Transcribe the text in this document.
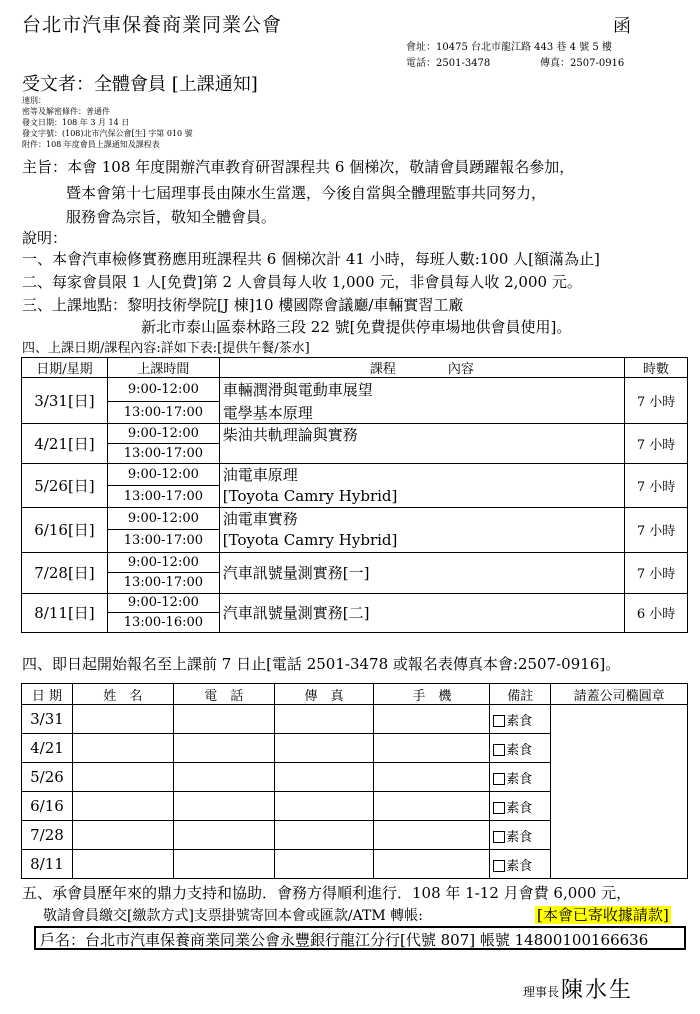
台北市汽車保養商業同業公會	函
會址：10475 台北市龍江路 443 巷 4 號 5 樓
電話：2501-3478	傳真：2507-0916
受文者：全體會員 [上課通知]
速別：
密等及解密條件：普通件
發文日期：108 年 3 月 14 日
發文字號：(108)北市汽保公會[生] 字第 010 號
附件：108 年度會員上課通知及課程表
主旨：本會 108 年度開辦汽車教育研習課程共 6 個梯次，敬請會員踴躍報名參加，
暨本會第十七屆理事長由陳水生當選，今後自當與全體理監事共同努力，
服務會為宗旨，敬知全體會員。
說明：
一、本會汽車檢修實務應用班課程共 6 個梯次計 41 小時，每班人數:100 人[額滿為止]
二、每家會員限 1 人[免費]第 2 人會員每人收 1,000 元，非會員每人收 2,000 元。
三、上課地點：黎明技術學院[J 棟]10 樓國際會議廳/車輛實習工廠
新北市泰山區泰林路三段 22 號[免費提供停車場地供會員使用]。
四、上課日期/課程內容:詳如下表:[提供午餐/茶水]
日期/星期	上課時間	課程　　　　內容	時數
3/31[日]	9:00-12:00	車輛潤滑與電動車展望	7 小時
	13:00-17:00	電學基本原理	
4/21[日]	9:00-12:00	柴油共軌理論與實務	7 小時
	13:00-17:00		
5/26[日]	9:00-12:00	油電車原理	7 小時
	13:00-17:00	[Toyota Camry Hybrid]	
6/16[日]	9:00-12:00	油電車實務	7 小時
	13:00-17:00	[Toyota Camry Hybrid]	
7/28[日]	9:00-12:00	汽車訊號量測實務[一]	7 小時
	13:00-17:00		
8/11[日]	9:00-12:00	汽車訊號量測實務[二]	6 小時
	13:00-16:00		
四、即日起開始報名至上課前 7 日止[電話 2501-3478 或報名表傳真本會:2507-0916]。
日 期	姓　名	電　話	傳　真	手　機	備註	請蓋公司橢圓章
3/31					素食	
4/21					素食	
5/26					素食	
6/16					素食	
7/28					素食	
8/11					素食	
五、承會員歷年來的鼎力支持和協助．會務方得順利進行．108 年 1-12 月會費 6,000 元，
敬請會員繳交[繳款方式]支票掛號寄回本會或匯款/ATM 轉帳:	[本會已寄收據請款]
戶名：台北市汽車保養商業同業公會永豐銀行龍江分行[代號 807] 帳號 14800100166636
理事長 陳水生
